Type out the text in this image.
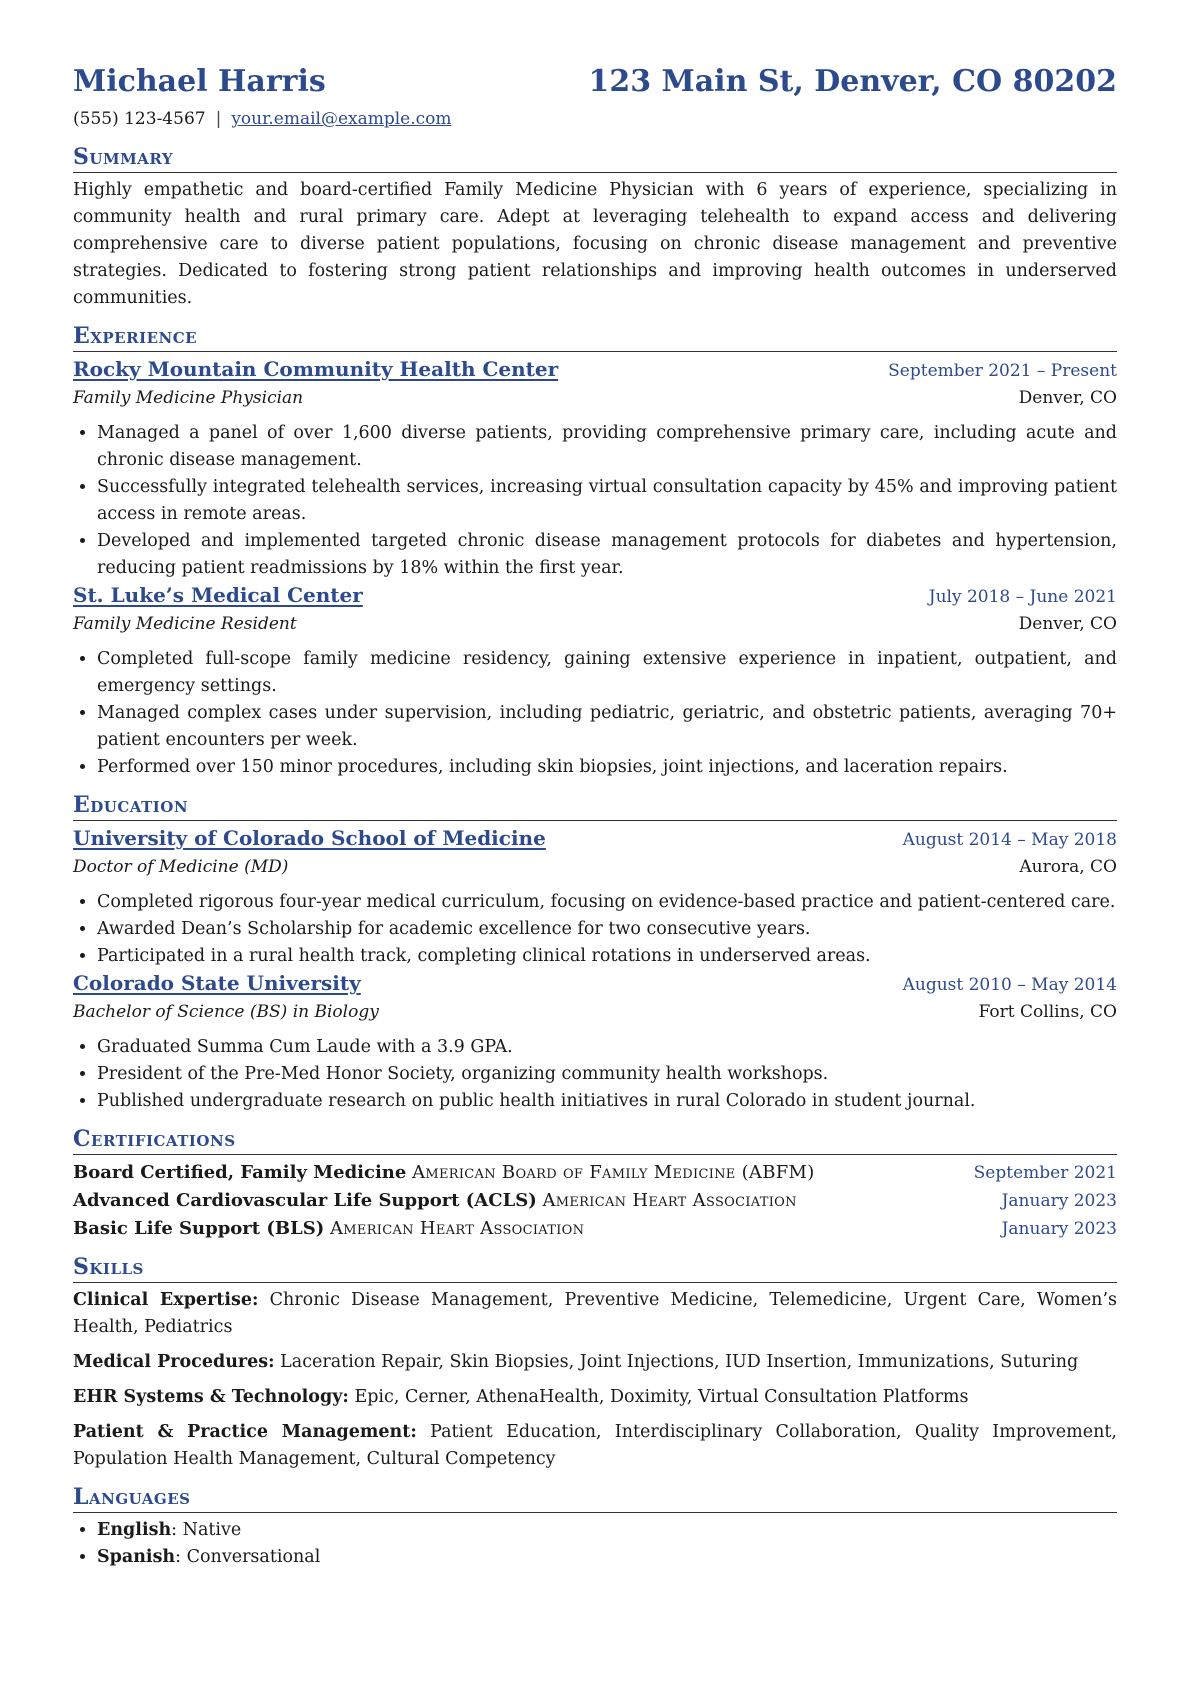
Michael Harris	123 Main St, Denver, CO 80202
(555) 123-4567 | your.email@example.com
Summary

Highly empathetic and board-certified Family Medicine Physician with 6 years of experience, specializing in community health and rural primary care. Adept at leveraging telehealth to expand access and delivering comprehensive care to diverse patient populations, focusing on chronic disease management and preventive strategies. Dedicated to fostering strong patient relationships and improving health outcomes in underserved communities.

Experience
Rocky Mountain Community Health Center	September 2021 – Present
Family Medicine Physician	Denver, CO
• Managed a panel of over 1,600 diverse patients, providing comprehensive primary care, including acute and chronic disease management.
• Successfully integrated telehealth services, increasing virtual consultation capacity by 45% and improving patient access in remote areas.
• Developed and implemented targeted chronic disease management protocols for diabetes and hypertension, reducing patient readmissions by 18% within the first year.
St. Luke’s Medical Center	July 2018 – June 2021
Family Medicine Resident	Denver, CO
• Completed full-scope family medicine residency, gaining extensive experience in inpatient, outpatient, and emergency settings.
• Managed complex cases under supervision, including pediatric, geriatric, and obstetric patients, averaging 70+ patient encounters per week.
• Performed over 150 minor procedures, including skin biopsies, joint injections, and laceration repairs.
Education
University of Colorado School of Medicine	August 2014 – May 2018
Doctor of Medicine (MD)	Aurora, CO
• Completed rigorous four-year medical curriculum, focusing on evidence-based practice and patient-centered care.
• Awarded Dean’s Scholarship for academic excellence for two consecutive years.
• Participated in a rural health track, completing clinical rotations in underserved areas.
Colorado State University	August 2010 – May 2014
Bachelor of Science (BS) in Biology	Fort Collins, CO
• Graduated Summa Cum Laude with a 3.9 GPA.
• President of the Pre-Med Honor Society, organizing community health workshops.
• Published undergraduate research on public health initiatives in rural Colorado in student journal.
Certifications
Board Certified, Family Medicine American Board of Family Medicine (ABFM)	September 2021
Advanced Cardiovascular Life Support (ACLS) American Heart Association	January 2023
Basic Life Support (BLS) American Heart Association	January 2023
Skills

Clinical Expertise: Chronic Disease Management, Preventive Medicine, Telemedicine, Urgent Care, Women’s Health, Pediatrics

Medical Procedures: Laceration Repair, Skin Biopsies, Joint Injections, IUD Insertion, Immunizations, Suturing

EHR Systems & Technology: Epic, Cerner, AthenaHealth, Doximity, Virtual Consultation Platforms

Patient & Practice Management: Patient Education, Interdisciplinary Collaboration, Quality Improvement, Population Health Management, Cultural Competency

Languages
• English: Native
• Spanish: Conversational
